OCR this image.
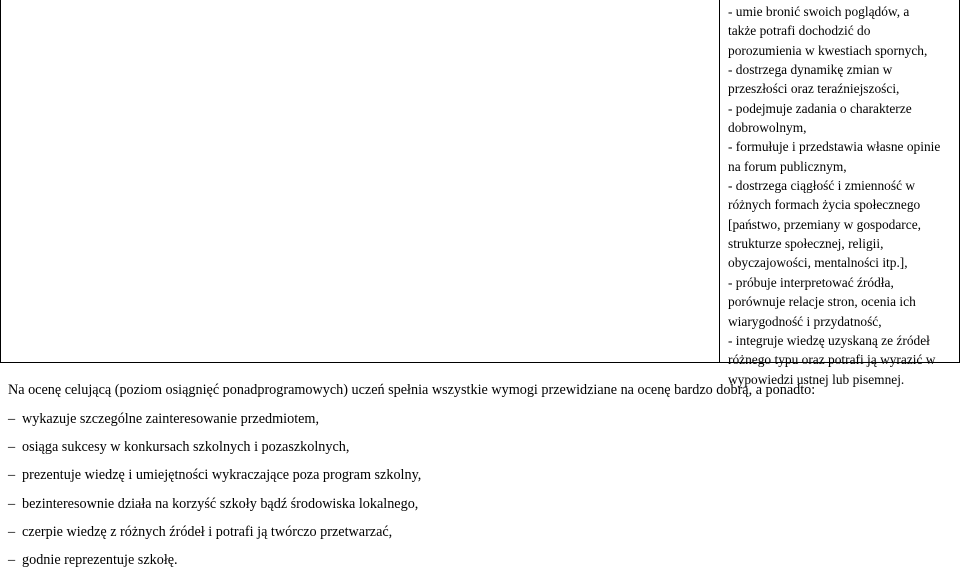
- umie bronić swoich poglądów, a
także potrafi dochodzić do
porozumienia w kwestiach spornych,
- dostrzega dynamikę zmian w
przeszłości oraz teraźniejszości,
- podejmuje zadania o charakterze
dobrowolnym,
- formułuje i przedstawia własne opinie
na forum publicznym,
- dostrzega ciągłość i zmienność w
różnych formach życia społecznego
[państwo, przemiany w gospodarce,
strukturze społecznej, religii,
obyczajowości, mentalności itp.],
- próbuje interpretować źródła,
porównuje relacje stron, ocenia ich
wiarygodność i przydatność,
- integruje wiedzę uzyskaną ze źródeł
różnego typu oraz potrafi ją wyrazić w
wypowiedzi ustnej lub pisemnej.
Na ocenę celującą (poziom osiągnięć ponadprogramowych) uczeń spełnia wszystkie wymogi przewidziane na ocenę bardzo dobrą, a ponadto:
– wykazuje szczególne zainteresowanie przedmiotem,
– osiąga sukcesy w konkursach szkolnych i pozaszkolnych,
– prezentuje wiedzę i umiejętności wykraczające poza program szkolny,
– bezinteresownie działa na korzyść szkoły bądź środowiska lokalnego,
– czerpie wiedzę z różnych źródeł i potrafi ją twórczo przetwarzać,
– godnie reprezentuje szkołę.
